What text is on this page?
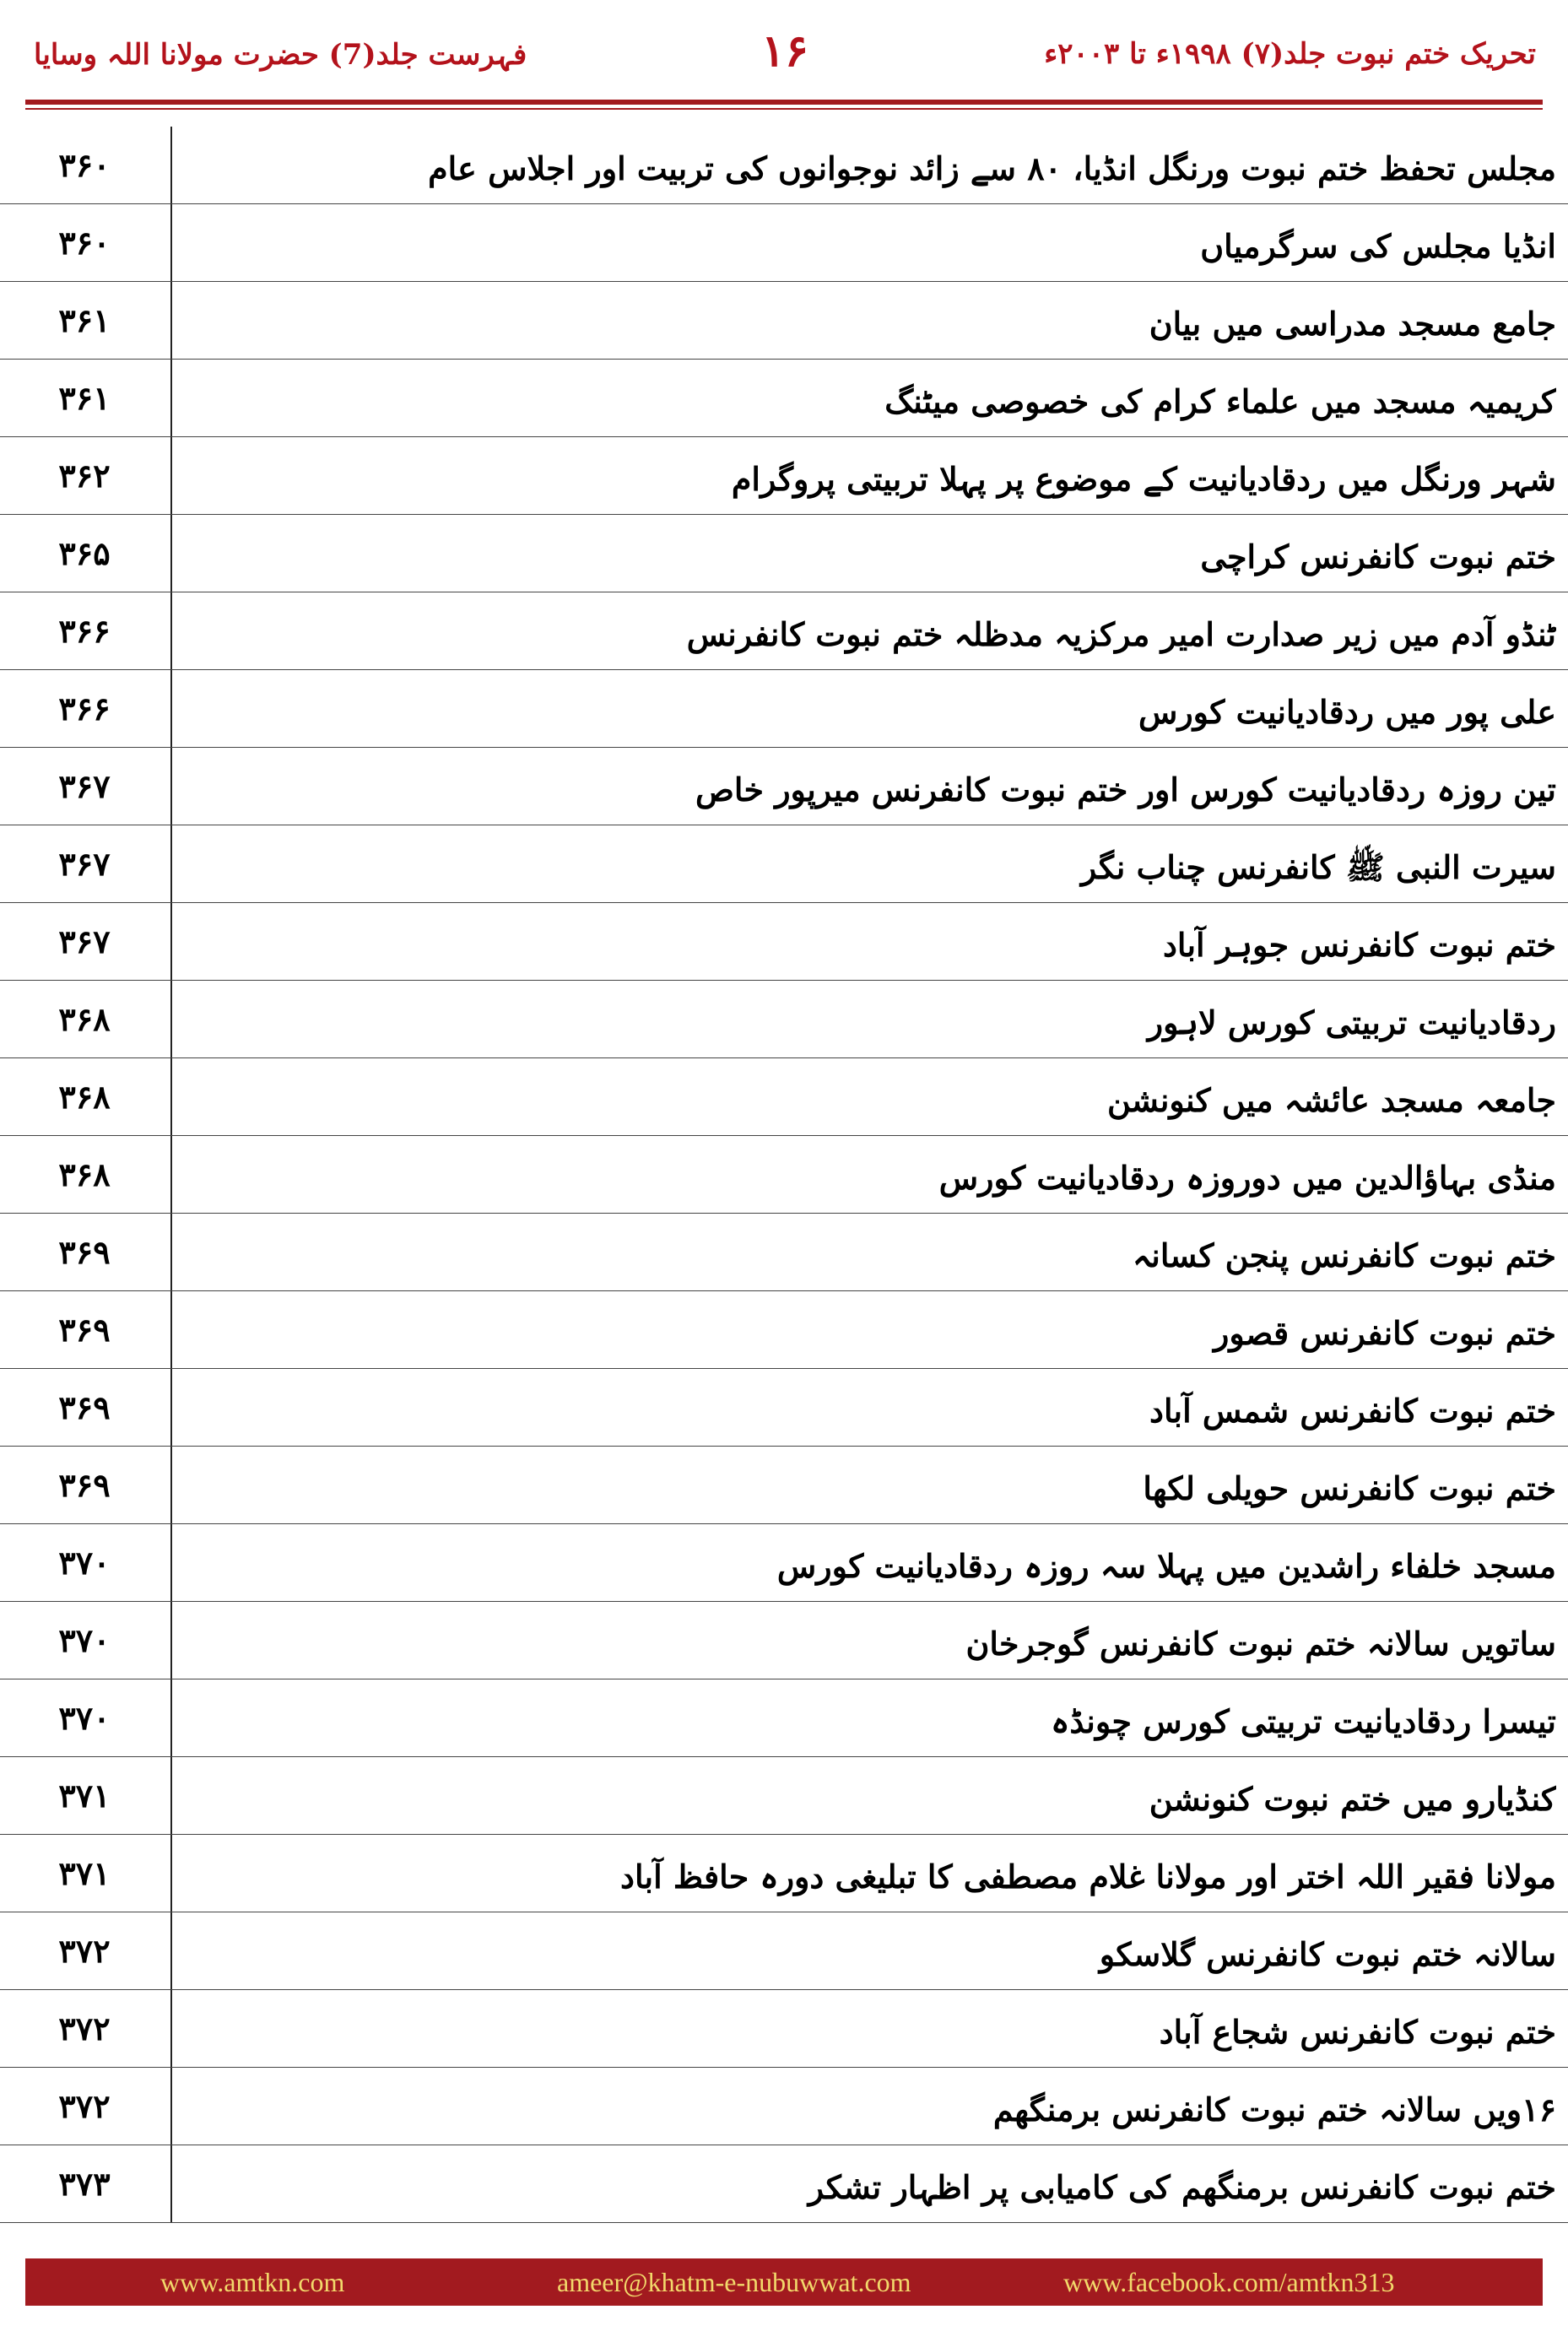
فہرست جلد(7) حضرت مولانا اللہ وسایا	۱۶	تحریک ختم نبوت جلد(۷) ۱۹۹۸ء تا ۲۰۰۳ء
۳۶۰	مجلس تحفظ ختم نبوت ورنگل انڈیا، ۸۰ سے زائد نوجوانوں کی تربیت اور اجلاس عام
۳۶۰	انڈیا مجلس کی سرگرمیاں
۳۶۱	جامع مسجد مدراسی میں بیان
۳۶۱	کریمیہ مسجد میں علماء کرام کی خصوصی میٹنگ
۳۶۲	شہر ورنگل میں ردقادیانیت کے موضوع پر پہلا تربیتی پروگرام
۳۶۵	ختم نبوت کانفرنس کراچی
۳۶۶	ٹنڈو آدم میں زیر صدارت امیر مرکزیہ مدظلہ ختم نبوت کانفرنس
۳۶۶	علی پور میں ردقادیانیت کورس
۳۶۷	تین روزہ ردقادیانیت کورس اور ختم نبوت کانفرنس میرپور خاص
۳۶۷	سیرت النبی ﷺ کانفرنس چناب نگر
۳۶۷	ختم نبوت کانفرنس جوہر آباد
۳۶۸	ردقادیانیت تربیتی کورس لاہور
۳۶۸	جامعہ مسجد عائشہ میں کنونشن
۳۶۸	منڈی بہاؤالدین میں دوروزہ ردقادیانیت کورس
۳۶۹	ختم نبوت کانفرنس پنجن کسانہ
۳۶۹	ختم نبوت کانفرنس قصور
۳۶۹	ختم نبوت کانفرنس شمس آباد
۳۶۹	ختم نبوت کانفرنس حویلی لکھا
۳۷۰	مسجد خلفاء راشدین میں پہلا سہ روزہ ردقادیانیت کورس
۳۷۰	ساتویں سالانہ ختم نبوت کانفرنس گوجرخان
۳۷۰	تیسرا ردقادیانیت تربیتی کورس چونڈہ
۳۷۱	کنڈیارو میں ختم نبوت کنونشن
۳۷۱	مولانا فقیر اللہ اختر اور مولانا غلام مصطفی کا تبلیغی دورہ حافظ آباد
۳۷۲	سالانہ ختم نبوت کانفرنس گلاسکو
۳۷۲	ختم نبوت کانفرنس شجاع آباد
۳۷۲	۱۶ویں سالانہ ختم نبوت کانفرنس برمنگھم
۳۷۳	ختم نبوت کانفرنس برمنگھم کی کامیابی پر اظہار تشکر
www.amtkn.com	ameer@khatm-e-nubuwwat.com	www.facebook.com/amtkn313
